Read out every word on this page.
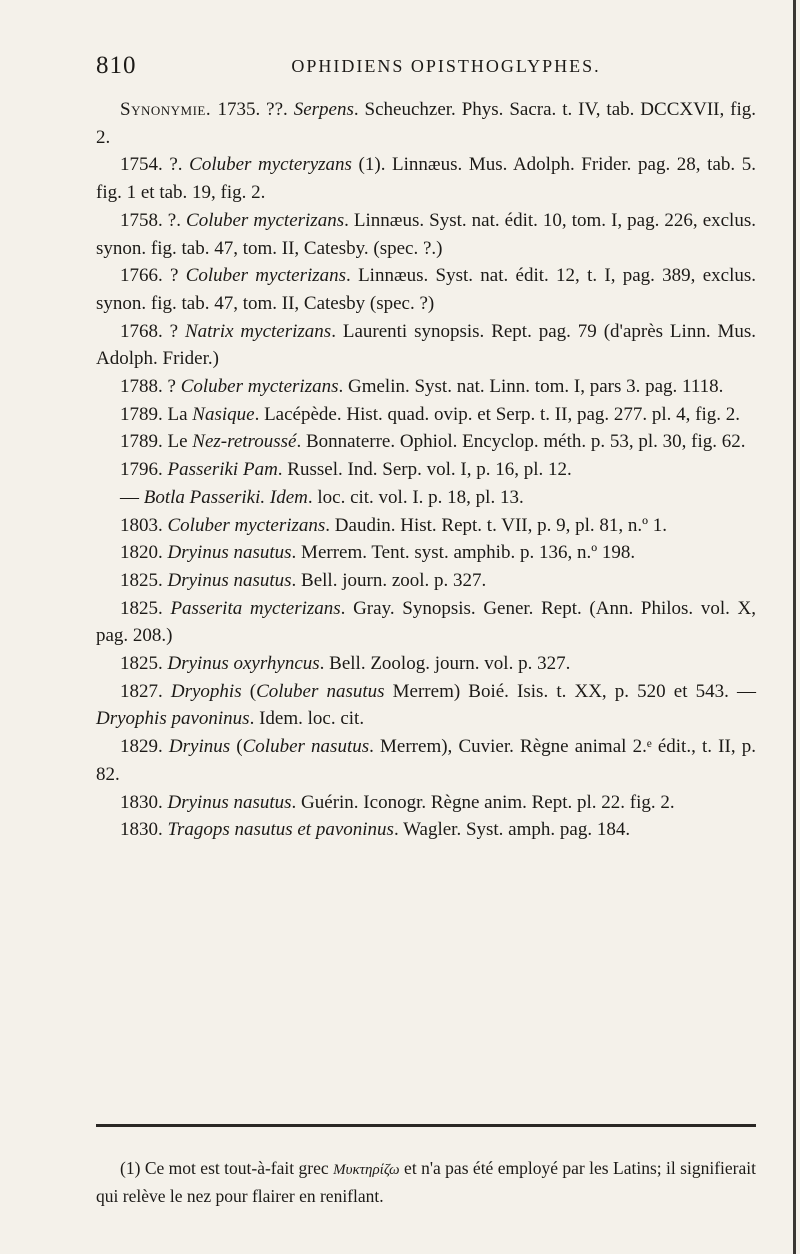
810	OPHIDIENS OPISTHOGLYPHES.

Synonymie. 1735. ??. Serpens. Scheuchzer. Phys. Sacra. t. IV, tab. DCCXVII, fig. 2.

1754. ?. Coluber mycteryzans (1). Linnæus. Mus. Adolph. Frider. pag. 28, tab. 5. fig. 1 et tab. 19, fig. 2.

1758. ?. Coluber mycterizans. Linnæus. Syst. nat. édit. 10, tom. I, pag. 226, exclus. synon. fig. tab. 47, tom. II, Catesby. (spec. ?.)

1766. ? Coluber mycterizans. Linnæus. Syst. nat. édit. 12, t. I, pag. 389, exclus. synon. fig. tab. 47, tom. II, Catesby (spec. ?)

1768. ? Natrix mycterizans. Laurenti synopsis. Rept. pag. 79 (d'après Linn. Mus. Adolph. Frider.)

1788. ? Coluber mycterizans. Gmelin. Syst. nat. Linn. tom. I, pars 3. pag. 1118.

1789. La Nasique. Lacépède. Hist. quad. ovip. et Serp. t. II, pag. 277. pl. 4, fig. 2.

1789. Le Nez-retroussé. Bonnaterre. Ophiol. Encyclop. méth. p. 53, pl. 30, fig. 62.

1796. Passeriki Pam. Russel. Ind. Serp. vol. I, p. 16, pl. 12.

— Botla Passeriki. Idem. loc. cit. vol. I. p. 18, pl. 13.

1803. Coluber mycterizans. Daudin. Hist. Rept. t. VII, p. 9, pl. 81, n.º 1.

1820. Dryinus nasutus. Merrem. Tent. syst. amphib. p. 136, n.º 198.

1825. Dryinus nasutus. Bell. journ. zool. p. 327.

1825. Passerita mycterizans. Gray. Synopsis. Gener. Rept. (Ann. Philos. vol. X, pag. 208.)

1825. Dryinus oxyrhyncus. Bell. Zoolog. journ. vol. p. 327.

1827. Dryophis (Coluber nasutus Merrem) Boié. Isis. t. XX, p. 520 et 543. — Dryophis pavoninus. Idem. loc. cit.

1829. Dryinus (Coluber nasutus. Merrem), Cuvier. Règne animal 2.ᵉ édit., t. II, p. 82.

1830. Dryinus nasutus. Guérin. Iconogr. Règne anim. Rept. pl. 22. fig. 2.

1830. Tragops nasutus et pavoninus. Wagler. Syst. amph. pag. 184.

(1) Ce mot est tout-à-fait grec Μυκτηρίζω et n'a pas été employé par les Latins; il signifierait qui relève le nez pour flairer en reniflant.
